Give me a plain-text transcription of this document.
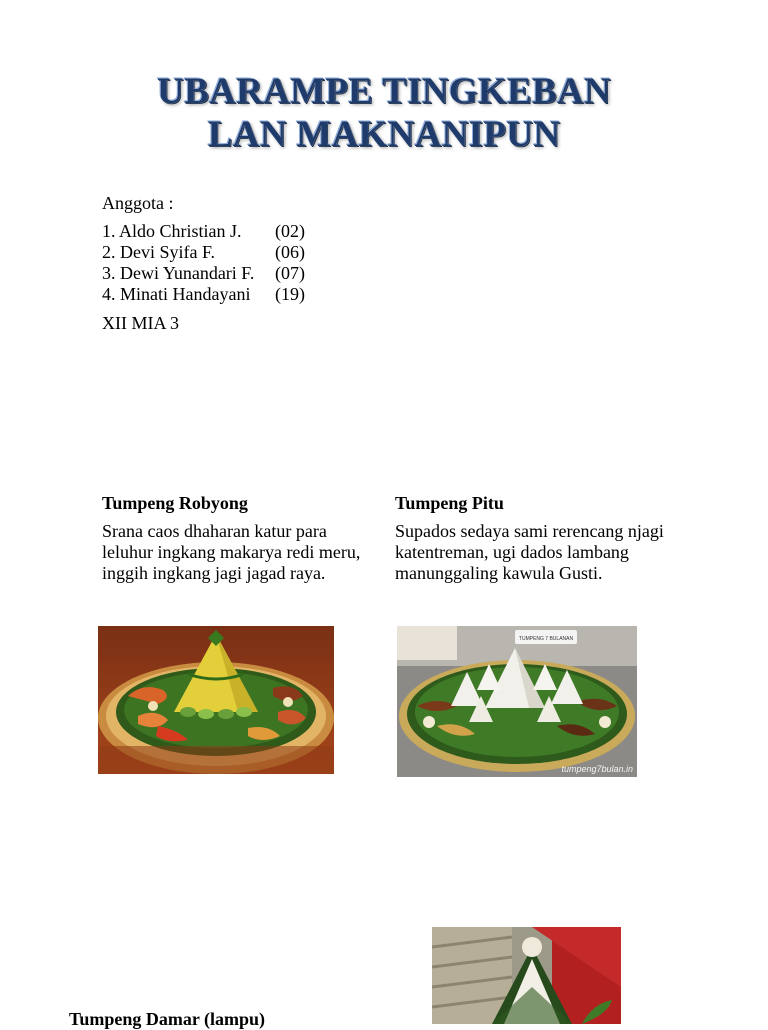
UBARAMPE TINGKEBAN
LAN MAKNANIPUN
Anggota :
1. Aldo Christian J.	(02)
2. Devi Syifa F.	(06)
3. Dewi Yunandari F.	(07)
4. Minati Handayani	(19)
XII MIA 3
Tumpeng Robyong
Srana caos dhaharan katur para leluhur ingkang makarya redi meru, inggih ingkang jagi jagad raya.
Tumpeng Pitu
Supados sedaya sami rerencang njagi katentreman, ugi dados lambang manunggaling kawula Gusti.
Tumpeng Damar (lampu)
TUMPENG 7 BULANAN
tumpeng7bulan.in
